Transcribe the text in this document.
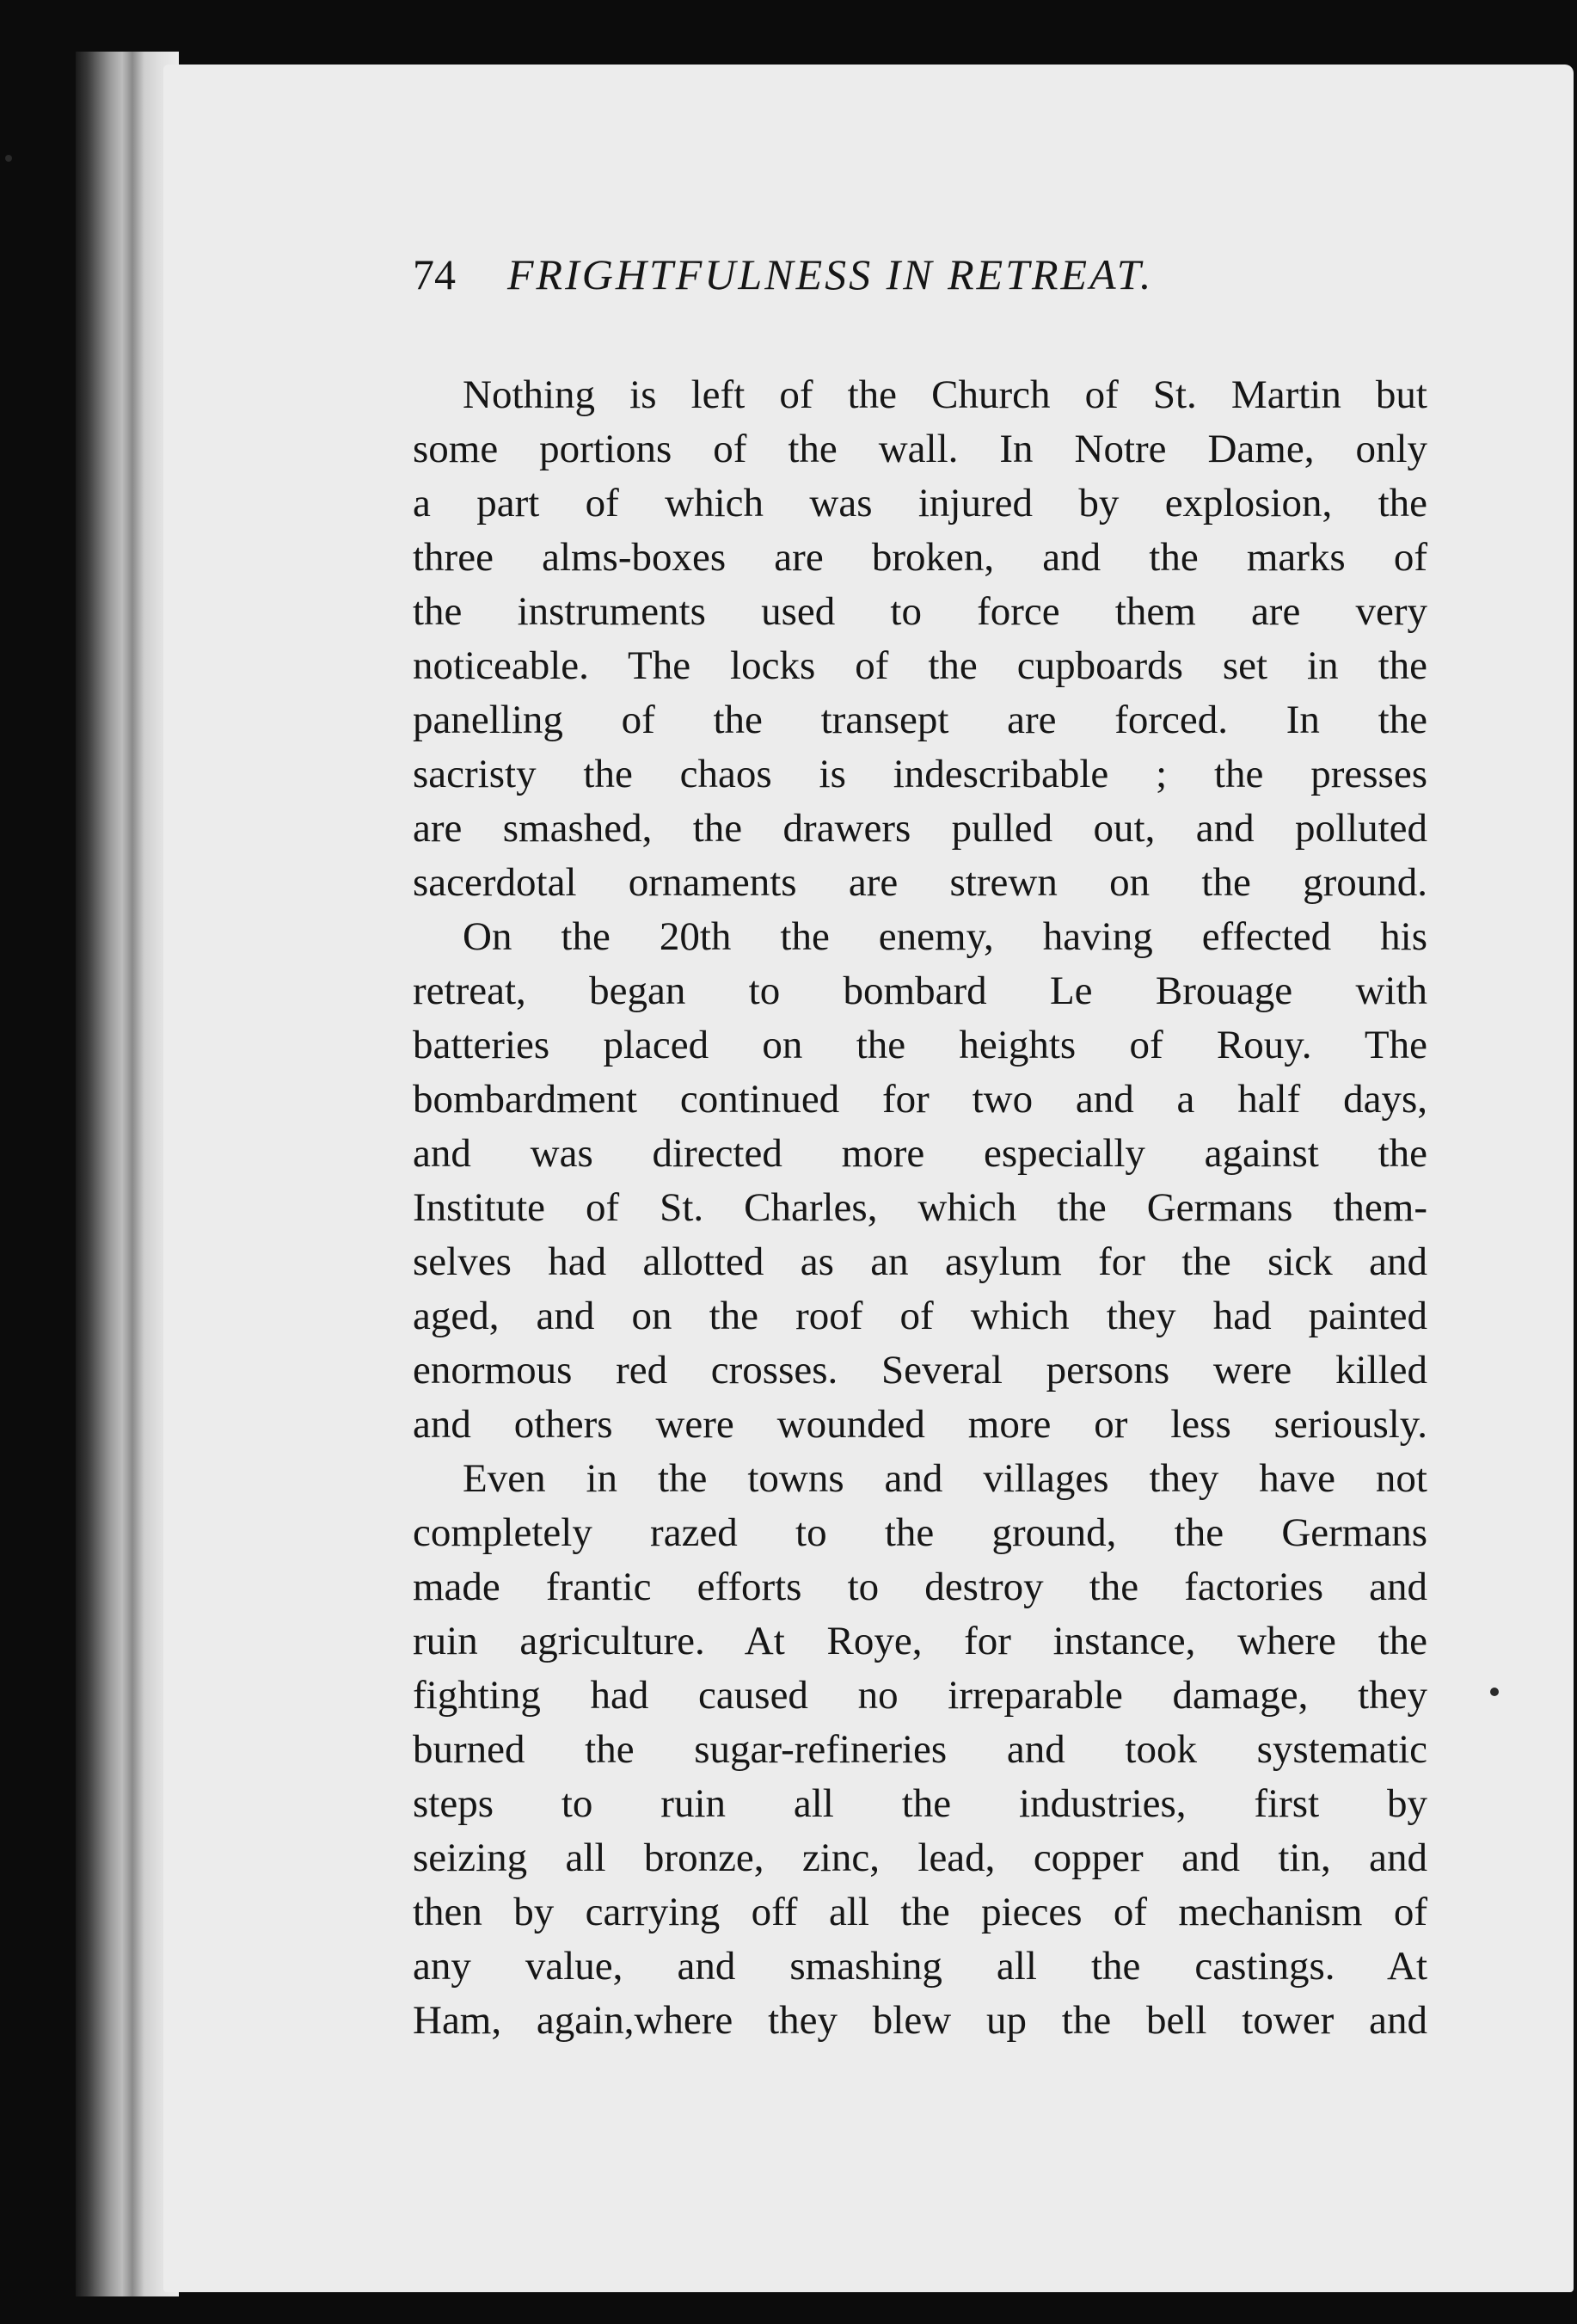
74	FRIGHTFULNESS IN RETREAT.
Nothing is left of the Church of St. Martin but
some portions of the wall. In Notre Dame, only
a part of which was injured by explosion, the
three alms-boxes are broken, and the marks of
the instruments used to force them are very
noticeable. The locks of the cupboards set in the
panelling of the transept are forced. In the
sacristy the chaos is indescribable ; the presses
are smashed, the drawers pulled out, and polluted
sacerdotal ornaments are strewn on the ground.
On the 20th the enemy, having effected his
retreat, began to bombard Le Brouage with
batteries placed on the heights of Rouy. The
bombardment continued for two and a half days,
and was directed more especially against the
Institute of St. Charles, which the Germans them-
selves had allotted as an asylum for the sick and
aged, and on the roof of which they had painted
enormous red crosses. Several persons were killed
and others were wounded more or less seriously.
Even in the towns and villages they have not
completely razed to the ground, the Germans
made frantic efforts to destroy the factories and
ruin agriculture. At Roye, for instance, where the
fighting had caused no irreparable damage, they
burned the sugar-refineries and took systematic
steps to ruin all the industries, first by
seizing all bronze, zinc, lead, copper and tin, and
then by carrying off all the pieces of mechanism of
any value, and smashing all the castings. At
Ham, again,where they blew up the bell tower and
